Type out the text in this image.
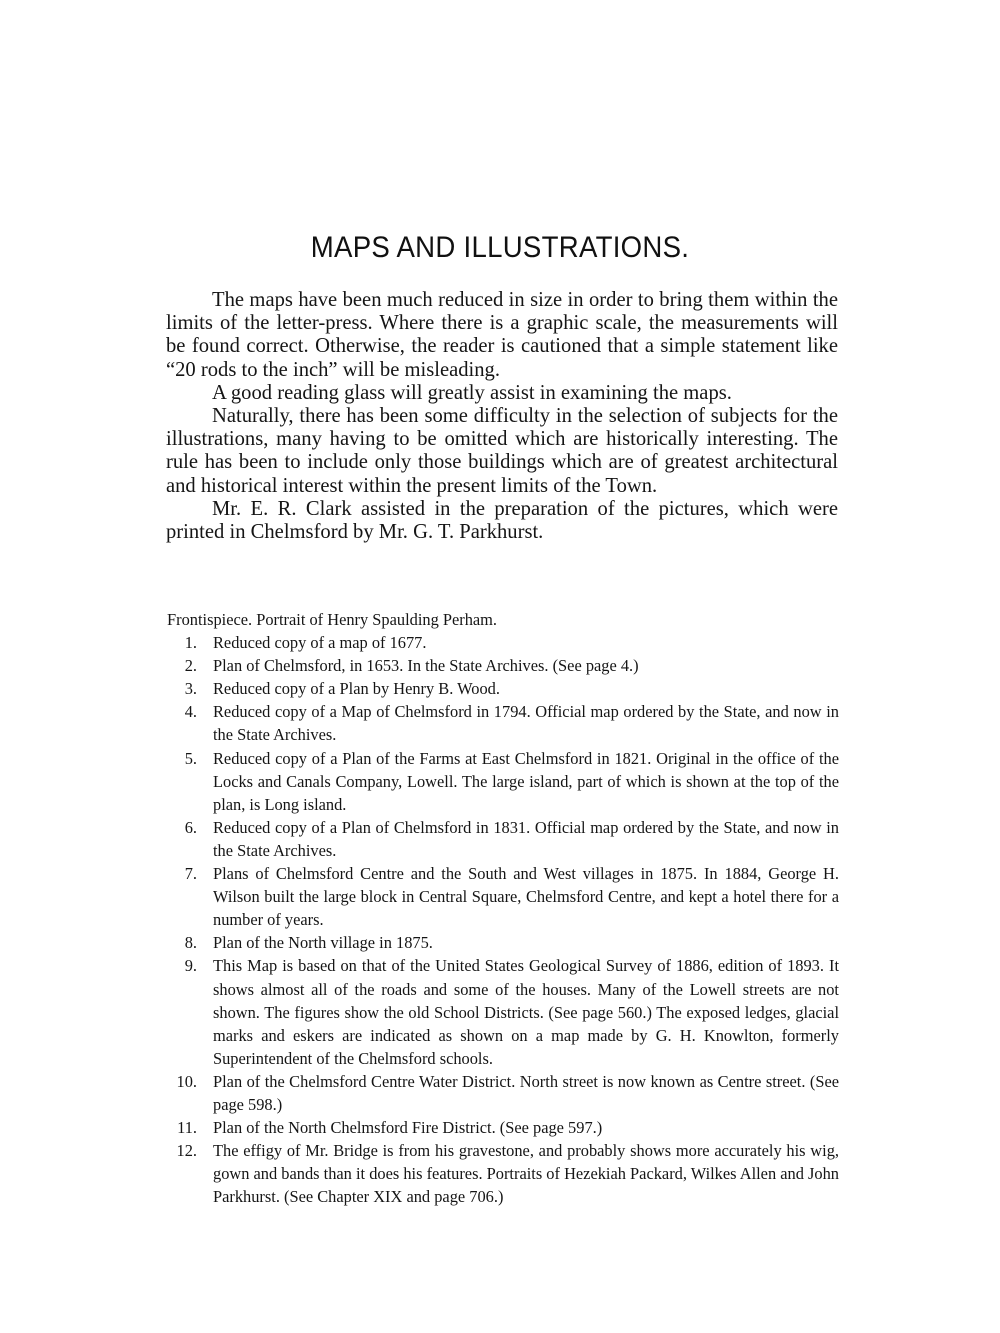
MAPS AND ILLUSTRATIONS.

The maps have been much reduced in size in order to bring them within the limits of the letter-press. Where there is a graphic scale, the measurements will be found correct. Otherwise, the reader is cautioned that a simple statement like “20 rods to the inch” will be misleading.

A good reading glass will greatly assist in examining the maps.

Naturally, there has been some difficulty in the selection of subjects for the illustrations, many having to be omitted which are historically interesting. The rule has been to include only those buildings which are of greatest architectural and historical interest within the present limits of the Town.

Mr. E. R. Clark assisted in the preparation of the pictures, which were printed in Chelmsford by Mr. G. T. Parkhurst.

Frontispiece. Portrait of Henry Spaulding Perham.
1. Reduced copy of a map of 1677.
2. Plan of Chelmsford, in 1653. In the State Archives. (See page 4.)
3. Reduced copy of a Plan by Henry B. Wood.
4. Reduced copy of a Map of Chelmsford in 1794. Official map ordered by the State, and now in the State Archives.
5. Reduced copy of a Plan of the Farms at East Chelmsford in 1821. Original in the office of the Locks and Canals Company, Lowell. The large island, part of which is shown at the top of the plan, is Long island.
6. Reduced copy of a Plan of Chelmsford in 1831. Official map ordered by the State, and now in the State Archives.
7. Plans of Chelmsford Centre and the South and West villages in 1875. In 1884, George H. Wilson built the large block in Central Square, Chelmsford Centre, and kept a hotel there for a number of years.
8. Plan of the North village in 1875.
9. This Map is based on that of the United States Geological Survey of 1886, edition of 1893. It shows almost all of the roads and some of the houses. Many of the Lowell streets are not shown. The figures show the old School Districts. (See page 560.) The exposed ledges, glacial marks and eskers are indicated as shown on a map made by G. H. Knowlton, formerly Superintendent of the Chelmsford schools.
10. Plan of the Chelmsford Centre Water District. North street is now known as Centre street. (See page 598.)
11. Plan of the North Chelmsford Fire District. (See page 597.)
12. The effigy of Mr. Bridge is from his gravestone, and probably shows more accurately his wig, gown and bands than it does his features. Portraits of Hezekiah Packard, Wilkes Allen and John Parkhurst. (See Chapter XIX and page 706.)
